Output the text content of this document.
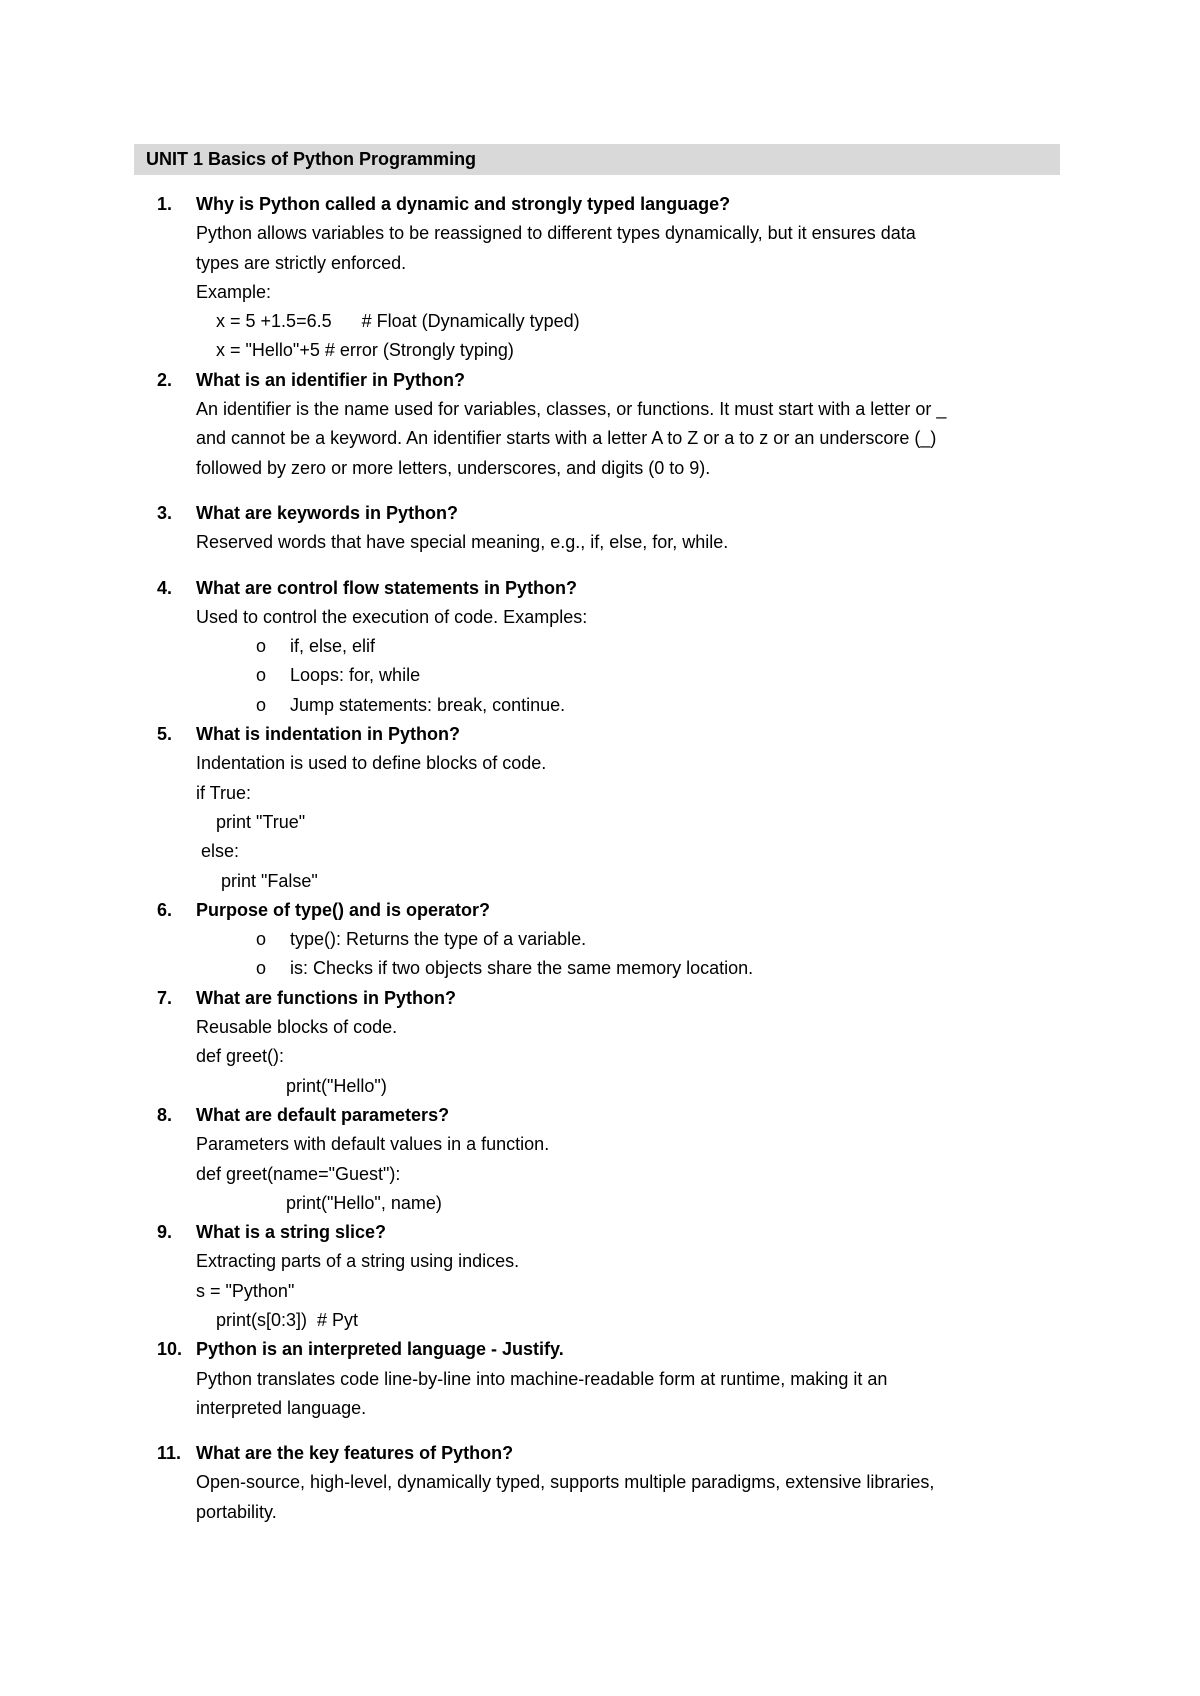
UNIT 1 Basics of Python Programming
1. Why is Python called a dynamic and strongly typed language?
Python allows variables to be reassigned to different types dynamically, but it ensures data
types are strictly enforced.
Example:
x = 5 +1.5=6.5      # Float (Dynamically typed)
x = "Hello"+5 # error (Strongly typing)
2. What is an identifier in Python?
An identifier is the name used for variables, classes, or functions. It must start with a letter or _
and cannot be a keyword. An identifier starts with a letter A to Z or a to z or an underscore (_)
followed by zero or more letters, underscores, and digits (0 to 9).
3. What are keywords in Python?
Reserved words that have special meaning, e.g., if, else, for, while.
4. What are control flow statements in Python?
Used to control the execution of code. Examples:
o if, else, elif
o Loops: for, while
o Jump statements: break, continue.
5. What is indentation in Python?
Indentation is used to define blocks of code.
if True:
print "True"
else:
print "False"
6. Purpose of type() and is operator?
o type(): Returns the type of a variable.
o is: Checks if two objects share the same memory location.
7. What are functions in Python?
Reusable blocks of code.
def greet():
print("Hello")
8. What are default parameters?
Parameters with default values in a function.
def greet(name="Guest"):
print("Hello", name)
9. What is a string slice?
Extracting parts of a string using indices.
s = "Python"
print(s[0:3])  # Pyt
10. Python is an interpreted language - Justify.
Python translates code line-by-line into machine-readable form at runtime, making it an
interpreted language.
11. What are the key features of Python?
Open-source, high-level, dynamically typed, supports multiple paradigms, extensive libraries,
portability.
